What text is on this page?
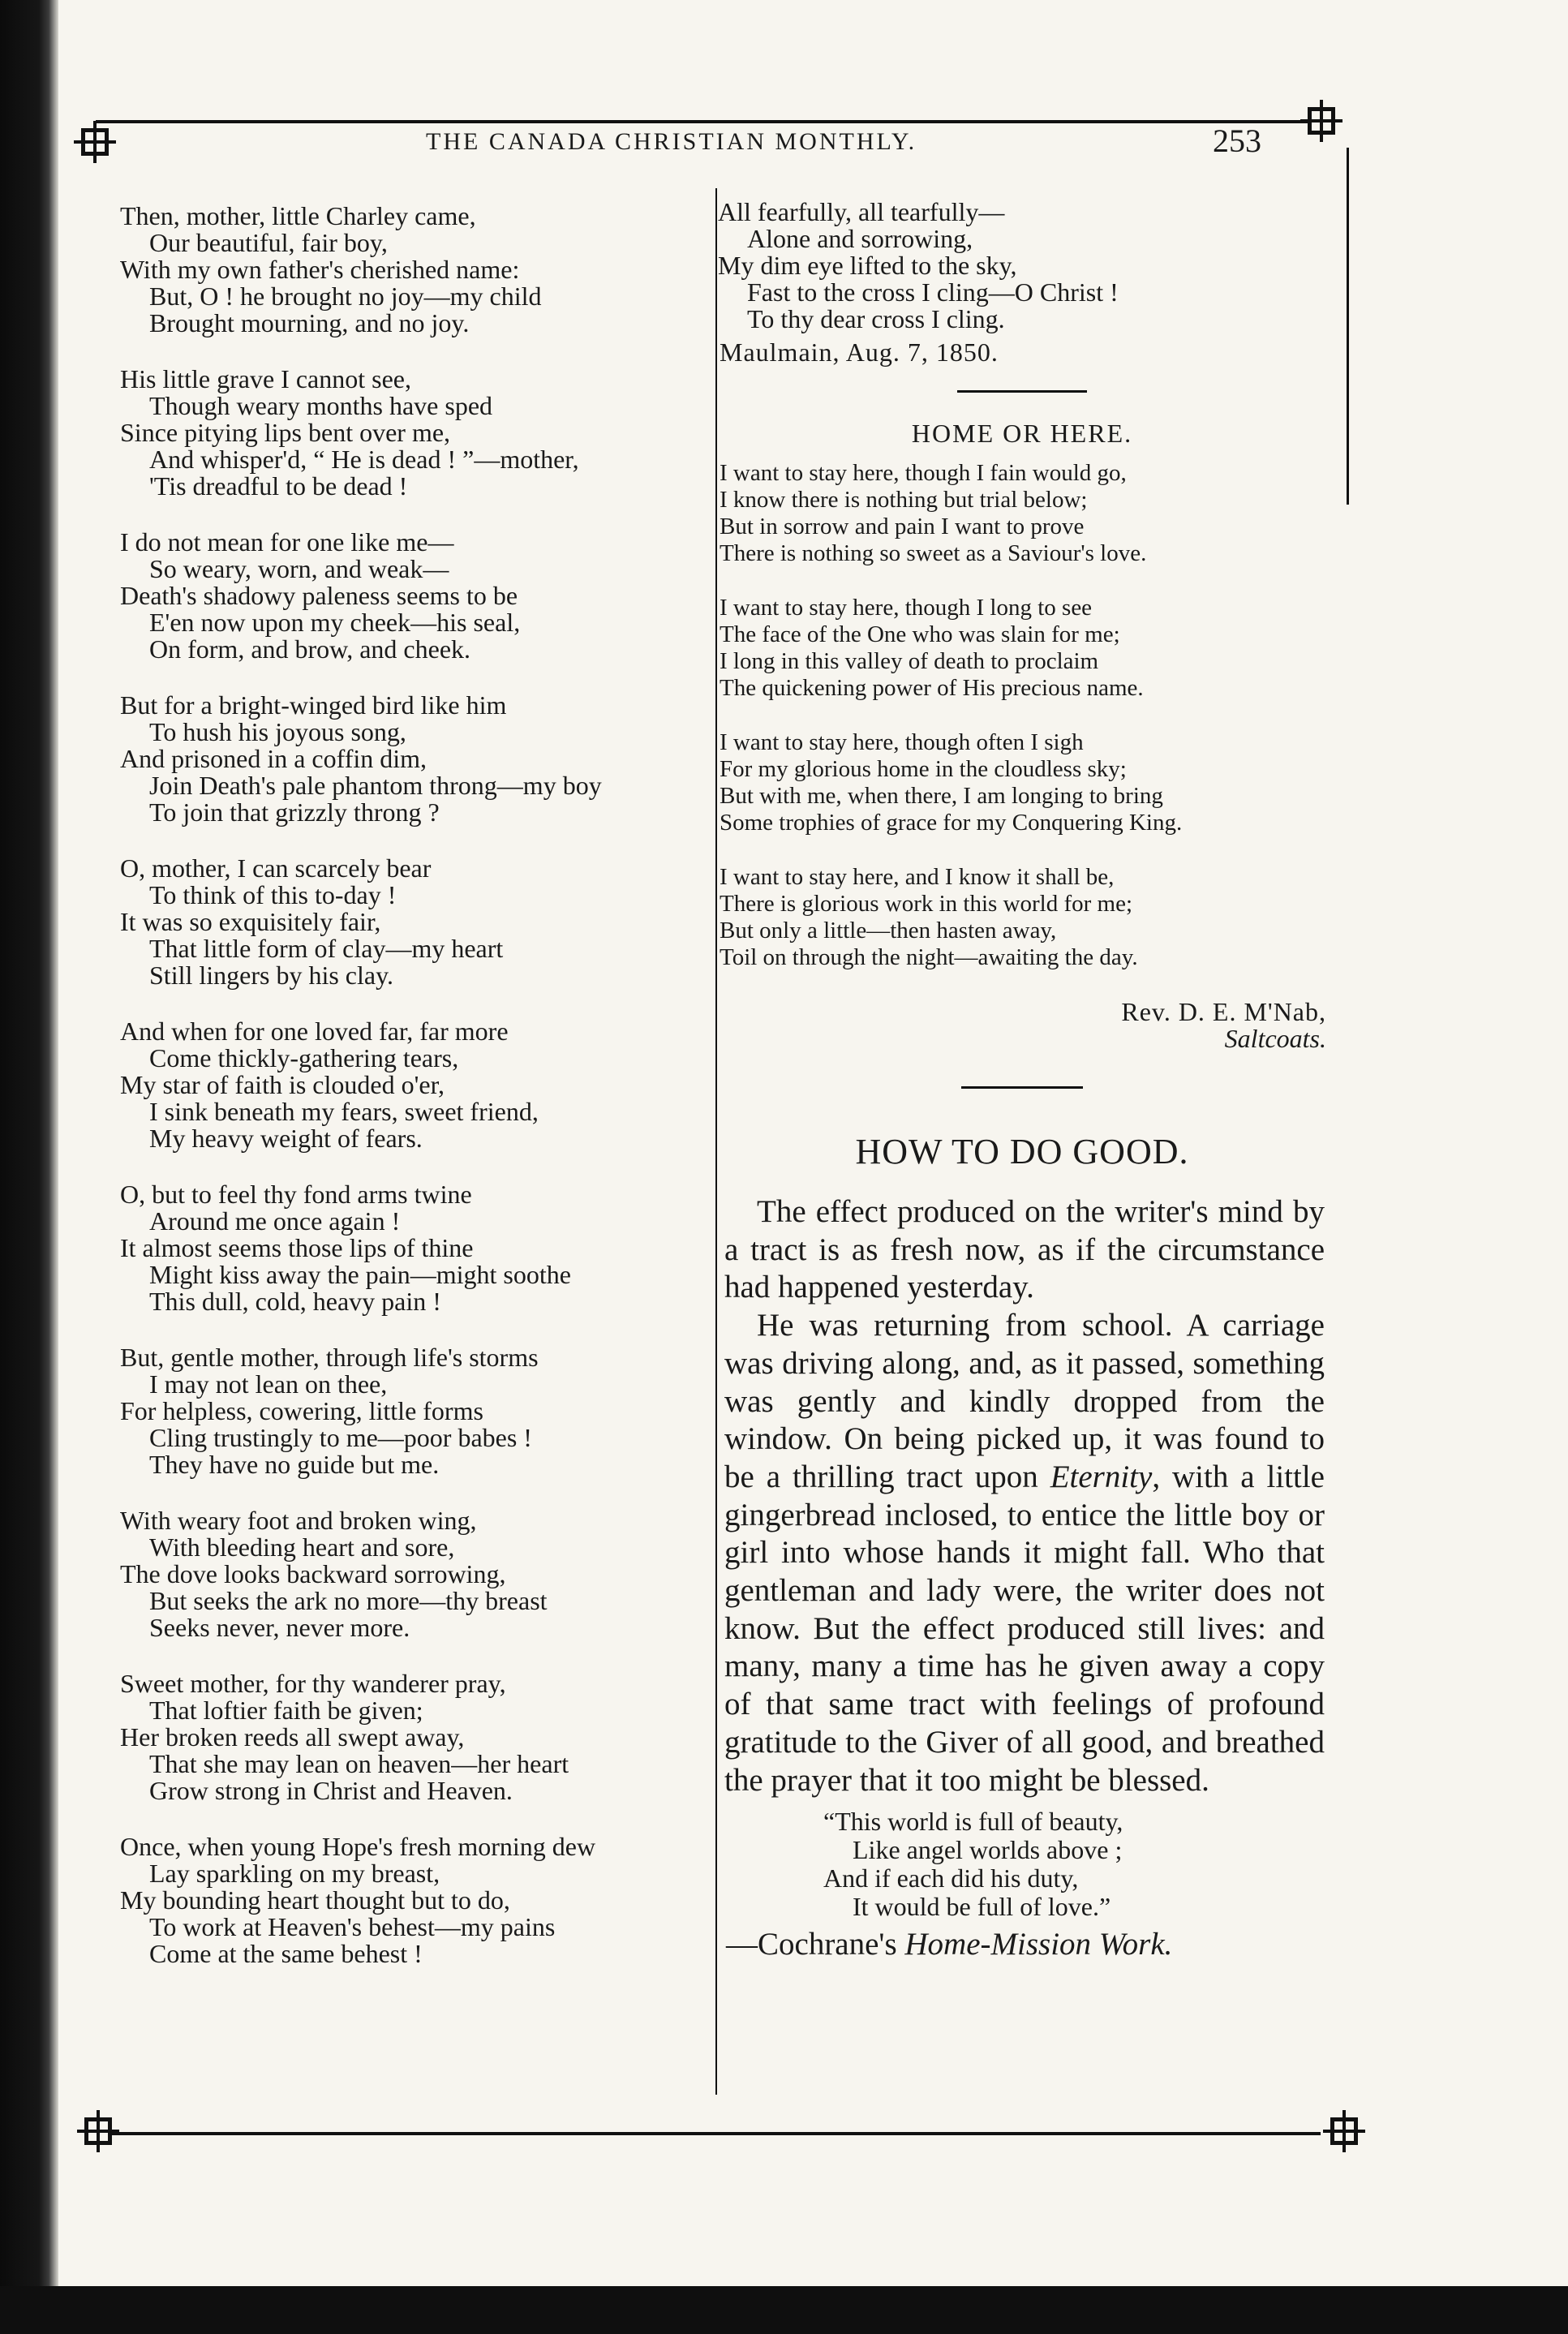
THE CANADA CHRISTIAN MONTHLY.	253
Then, mother, little Charley came,
Our beautiful, fair boy,
With my own father's cherished name:
But, O ! he brought no joy—my child
Brought mourning, and no joy.
His little grave I cannot see,
Though weary months have sped
Since pitying lips bent over me,
And whisper'd, “ He is dead ! ”—mother,
'Tis dreadful to be dead !
I do not mean for one like me—
So weary, worn, and weak—
Death's shadowy paleness seems to be
E'en now upon my cheek—his seal,
On form, and brow, and cheek.
But for a bright-winged bird like him
To hush his joyous song,
And prisoned in a coffin dim,
Join Death's pale phantom throng—my boy
To join that grizzly throng ?
O, mother, I can scarcely bear
To think of this to-day !
It was so exquisitely fair,
That little form of clay—my heart
Still lingers by his clay.
And when for one loved far, far more
Come thickly-gathering tears,
My star of faith is clouded o'er,
I sink beneath my fears, sweet friend,
My heavy weight of fears.
O, but to feel thy fond arms twine
Around me once again !
It almost seems those lips of thine
Might kiss away the pain—might soothe
This dull, cold, heavy pain !
But, gentle mother, through life's storms
I may not lean on thee,
For helpless, cowering, little forms
Cling trustingly to me—poor babes !
They have no guide but me.
With weary foot and broken wing,
With bleeding heart and sore,
The dove looks backward sorrowing,
But seeks the ark no more—thy breast
Seeks never, never more.
Sweet mother, for thy wanderer pray,
That loftier faith be given;
Her broken reeds all swept away,
That she may lean on heaven—her heart
Grow strong in Christ and Heaven.
Once, when young Hope's fresh morning dew
Lay sparkling on my breast,
My bounding heart thought but to do,
To work at Heaven's behest—my pains
Come at the same behest !
All fearfully, all tearfully—
Alone and sorrowing,
My dim eye lifted to the sky,
Fast to the cross I cling—O Christ !
To thy dear cross I cling.
Maulmain, Aug. 7, 1850.
HOME OR HERE.
I want to stay here, though I fain would go,
I know there is nothing but trial below;
But in sorrow and pain I want to prove
There is nothing so sweet as a Saviour's love.
I want to stay here, though I long to see
The face of the One who was slain for me;
I long in this valley of death to proclaim
The quickening power of His precious name.
I want to stay here, though often I sigh
For my glorious home in the cloudless sky;
But with me, when there, I am longing to bring
Some trophies of grace for my Conquering King.
I want to stay here, and I know it shall be,
There is glorious work in this world for me;
But only a little—then hasten away,
Toil on through the night—awaiting the day.
Rev. D. E. M'Nab,
Saltcoats.
HOW TO DO GOOD.

The effect produced on the writer's mind by a tract is as fresh now, as if the circumstance had happened yesterday.

He was returning from school. A carriage was driving along, and, as it passed, something was gently and kindly dropped from the window. On being picked up, it was found to be a thrilling tract upon Eternity, with a little gingerbread inclosed, to entice the little boy or girl into whose hands it might fall. Who that gentleman and lady were, the writer does not know. But the effect produced still lives: and many, many a time has he given away a copy of that same tract with feelings of profound gratitude to the Giver of all good, and breathed the prayer that it too might be blessed.

“This world is full of beauty,
Like angel worlds above ;
And if each did his duty,
It would be full of love.”
—Cochrane's Home-Mission Work.
